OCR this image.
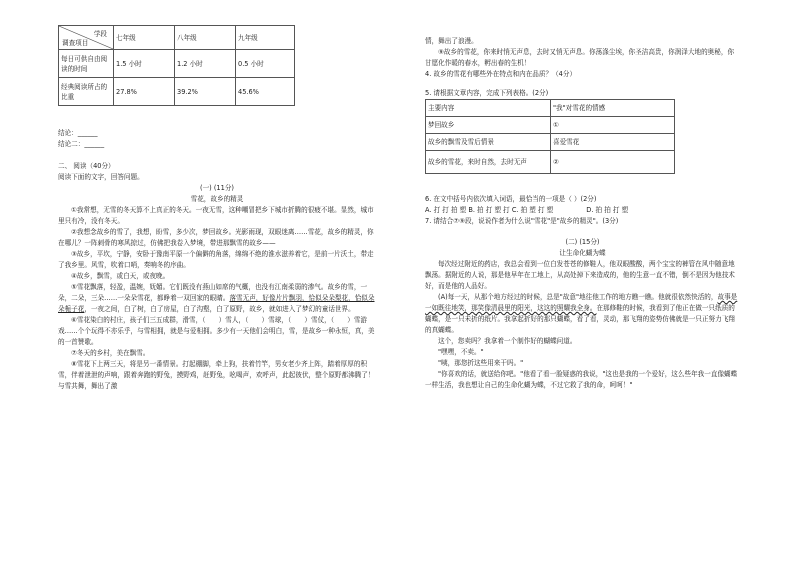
学段
调查项目	七年级	八年级	九年级
每日可供自由阅读的时间	1.5 小时	1.2 小时	0.5 小时
经典阅读所占的比重	27.8%	39.2%	45.6%

结论：______

结论二：______

二、 阅读（40分）

阅读下面的文字，回答问题。

(一) (11分)

雪花，故乡的精灵

①我常想，无雪的冬天算不上真正的冬天。一夜无雪，这种嘲冒把乡下城市折腾的很疲不堪。显然，城市里只有冷，没有冬天。

②我想念故乡的雪了，我想，盼雪，多少次，梦回故乡。光影雨现，双眼迷离……雪花，故乡的精灵，你在哪儿？一阵刺骨的寒风掠过，仿佛把我卷入梦境，带进那飘雪的故乡——

③故乡，平坎，宁静，安卧于豫南平原一个偏僻的角落，绵绵不绝的淮水滋养着它，是前一片沃土，带走了我乡里。风雪，吹着口哨，奏响冬的序曲。

④故乡，飘雪，或白天，或夜晚。

⑤雪花飘落，轻盈，温婉，妩媚。它们既没有燕山如席的气概，也没有江南柔弱的渗气。故乡的雪，一朵，二朵，三朵……一朵朵雪花，都睁着一双回家的眼睛。落雪无声，好像片片飘羽，恰似朵朵梨花，恰似朵朵栀子花，一夜之间，白了树，白了房屋，白了沟壑，白了原野，故乡，就如进入了梦幻的童话世界。

⑥雪花染白的村庄，孩子们三五成群，滑雪，（　　）雪人，（　　）雪球，（　　）雪仗，（　　）雪游戏……个个玩得不亦乐乎，与雪相拥，就是与爱相拥。多少有一天他们会明白，雪，是故乡一种永恒，真，美的一首赞歌。

⑦冬天的乡村，美在飘雪。

⑧雪花下上两三天，将是另一番情景。打起棚脚，牵上狗，扶着竹竿，男女老少齐上阵，踏着厚厚的积雪，伴着泄泄的声响，跟着奔跑的野兔，摸野鸡，赶野兔，吆喝声，欢呼声，此起彼伏，整个原野都沸腾了！与雪共舞，舞出了激

情，舞出了浪漫。

⑨故乡的雪花，你来时悄无声息，去时又悄无声息。你荡涤尘埃，你圣洁高贵，你润泽大地的奥秘，你甘愿化作暖的春水，孵出春的生机！

4. 故乡的雪花有哪些外在特点和内在品质？（4分）

5. 请根据文章内容，完成下列表格。(2分)

主要内容	"我"对雪花的情感
梦回故乡	①
故乡的飘雪及雪后情景	喜爱雪花
故乡的雪花，来时自然，去时无声	②

6. 在文中括号内依次填入词语，最恰当的一项是（ ）(2分)

A. 打 打 拍 塑 B. 拍 打 塑 打 C. 拍 塑 打 塑　　　　　D. 拍 拍 打 塑

7. 请结合⑦⑨段，说说作者为什么说"雪花"是"故乡的精灵"。(3分)

(二) (15分)

让生命化蝴为蝶

每次经过附近的药店，我总会看到一位白发苍苍的修鞋人，他双眼酸酸，两个宝宝的裤管在风中随意地飘荡。据附近的人说，那是他早年在工地上，从高处掉下来造成的，他的生意一直不错，倒不是因为他技术好，而是他的人品好。

(A)每一天，从那个地方经过的时候，总是"故意"地往他工作的地方瞧一瞧。他就很依然快活的，故事是一如既往地笑，那笑像清晨里的阳光，这这的照耀我全身。在那修鞋的时候，我看到了他正在做一只纸质的蝴蝶，是一只未折的纸片。我拿起折好的那只蝴蝶，看了看，灵动，那飞翔的姿势仿佛就是一只正努力飞翔的真蝴蝶。

这个，您卖吗？我拿着一个制作好的蝴蝶问道。

"嘿嘿，不卖。"

"咦，那您折这些用来干吗。"

"你喜欢的话，就送给你吧。"他看了看一脸疑惑的我说，"这也是我的一个爱好，这么些年我一直像蝴蝶一样生活，我也想让自己的生命化蝴为蝶，不过它救了我的命，呵呵！"
